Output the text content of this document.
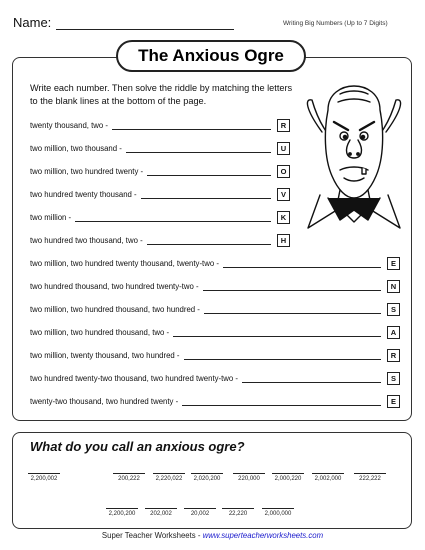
Name:	Writing Big Numbers (Up to 7 Digits)
The Anxious Ogre
Write each number. Then solve the riddle by matching the letters to the blank lines at the bottom of the page.
twenty thousand, two -	R
two million, two thousand -	U
two million, two hundred twenty -	O
two hundred twenty thousand -	V
two million -	K
two hundred two thousand, two -	H
two million, two hundred twenty thousand, twenty-two -	E
two hundred thousand, two hundred twenty-two -	N
two million, two hundred thousand, two hundred -	S
two million, two hundred thousand, two -	A
two million, twenty thousand, two hundred -	R
two hundred twenty-two thousand, two hundred twenty-two -	S
twenty-two thousand, two hundred twenty -	E
What do you call an anxious ogre?
2,200,002	200,222	2,220,022	2,020,200	220,000	2,000,220	2,002,000	222,222
2,200,200	202,002	20,002	22,220	2,000,000
Super Teacher Worksheets - www.superteacherworksheets.com
